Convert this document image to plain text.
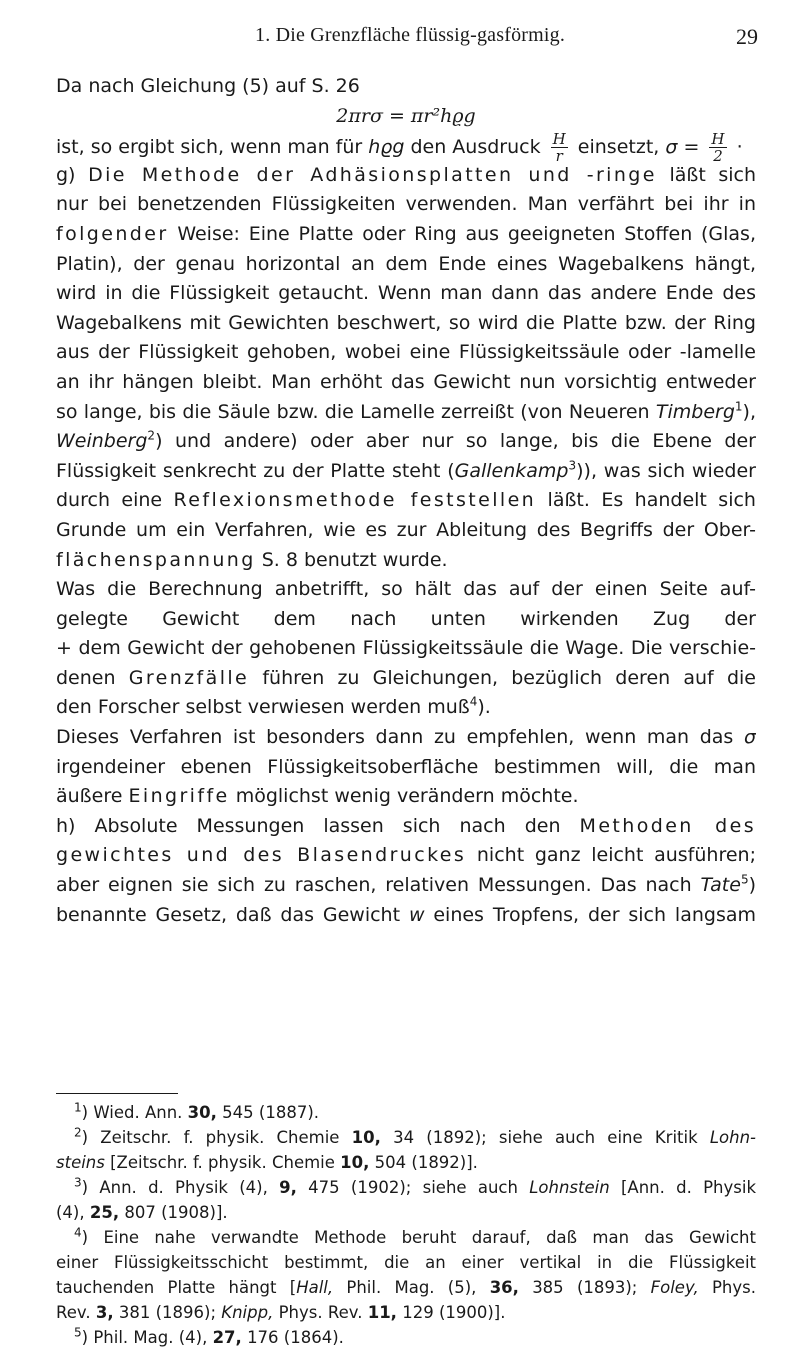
1. Die Grenzfläche flüssig-gasförmig.	29
Da nach Gleichung (5) auf S. 26
2πrσ = πr²hϱg
ist, so ergibt sich, wenn man für hϱg den Ausdruck $\frac{H}{r}$ einsetzt, $\sigma = \frac{H}{2}$ ·
g) Die Methode der Adhäsionsplatten und -ringe läßt sich
nur bei benetzenden Flüssigkeiten verwenden. Man verfährt bei ihr in
folgender Weise: Eine Platte oder Ring aus geeigneten Stoffen (Glas,
Platin), der genau horizontal an dem Ende eines Wagebalkens hängt,
wird in die Flüssigkeit getaucht. Wenn man dann das andere Ende des
Wagebalkens mit Gewichten beschwert, so wird die Platte bzw. der Ring
aus der Flüssigkeit gehoben, wobei eine Flüssigkeitssäule oder -lamelle
an ihr hängen bleibt. Man erhöht das Gewicht nun vorsichtig entweder
so lange, bis die Säule bzw. die Lamelle zerreißt (von Neueren Timberg$^1$),
Weinberg$^2$) und andere) oder aber nur so lange, bis die Ebene der
Flüssigkeit senkrecht zu der Platte steht (Gallenkamp$^3$)), was sich wieder
durch eine Reflexionsmethode feststellen läßt. Es handelt sich
Grunde um ein Verfahren, wie es zur Ableitung des Begriffs der Ober-
flächenspannung S. 8 benutzt wurde.
Was die Berechnung anbetrifft, so hält das auf der einen Seite auf-
gelegte Gewicht dem nach unten wirkenden Zug der
+ dem Gewicht der gehobenen Flüssigkeitssäule die Wage. Die verschie-
denen Grenzfälle führen zu Gleichungen, bezüglich deren auf die
den Forscher selbst verwiesen werden muß$^4$).
Dieses Verfahren ist besonders dann zu empfehlen, wenn man das σ
irgendeiner ebenen Flüssigkeitsoberfläche bestimmen will, die man
äußere Eingriffe möglichst wenig verändern möchte.
h) Absolute Messungen lassen sich nach den Methoden des
gewichtes und des Blasendruckes nicht ganz leicht ausführen;
aber eignen sie sich zu raschen, relativen Messungen. Das nach Tate$^5$)
benannte Gesetz, daß das Gewicht w eines Tropfens, der sich langsam
$^1$) Wied. Ann. 30, 545 (1887).
$^2$) Zeitschr. f. physik. Chemie 10, 34 (1892); siehe auch eine Kritik Lohn-
steins [Zeitschr. f. physik. Chemie 10, 504 (1892)].
$^3$) Ann. d. Physik (4), 9, 475 (1902); siehe auch Lohnstein [Ann. d. Physik
(4), 25, 807 (1908)].
$^4$) Eine nahe verwandte Methode beruht darauf, daß man das Gewicht
einer Flüssigkeitsschicht bestimmt, die an einer vertikal in die Flüssigkeit
tauchenden Platte hängt [Hall, Phil. Mag. (5), 36, 385 (1893); Foley, Phys.
Rev. 3, 381 (1896); Knipp, Phys. Rev. 11, 129 (1900)].
$^5$) Phil. Mag. (4), 27, 176 (1864).
